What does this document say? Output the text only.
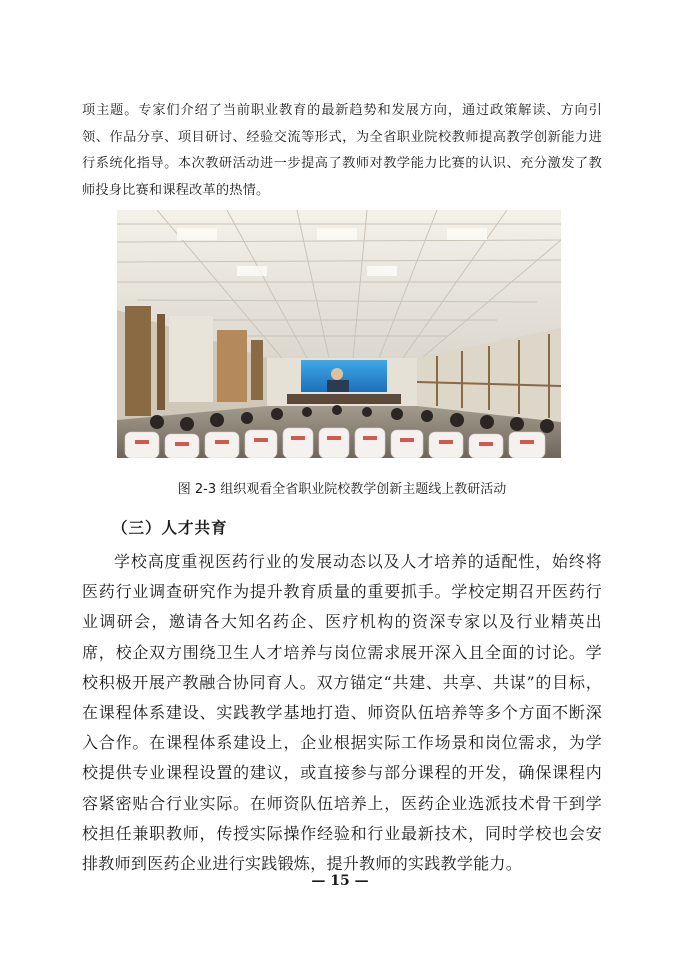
项主题。专家们介绍了当前职业教育的最新趋势和发展方向，通过政策解读、方向引领、作品分享、项目研讨、经验交流等形式，为全省职业院校教师提高教学创新能力进行系统化指导。本次教研活动进一步提高了教师对教学能力比赛的认识、充分激发了教师投身比赛和课程改革的热情。

图 2-3 组织观看全省职业院校教学创新主题线上教研活动
（三）人才共育

学校高度重视医药行业的发展动态以及人才培养的适配性，始终将医药行业调查研究作为提升教育质量的重要抓手。学校定期召开医药行业调研会，邀请各大知名药企、医疗机构的资深专家以及行业精英出席，校企双方围绕卫生人才培养与岗位需求展开深入且全面的讨论。学校积极开展产教融合协同育人。双方锚定“共建、共享、共谋”的目标，在课程体系建设、实践教学基地打造、师资队伍培养等多个方面不断深入合作。在课程体系建设上，企业根据实际工作场景和岗位需求，为学校提供专业课程设置的建议，或直接参与部分课程的开发，确保课程内容紧密贴合行业实际。在师资队伍培养上，医药企业选派技术骨干到学校担任兼职教师，传授实际操作经验和行业最新技术，同时学校也会安排教师到医药企业进行实践锻炼，提升教师的实践教学能力。

— 15 —
